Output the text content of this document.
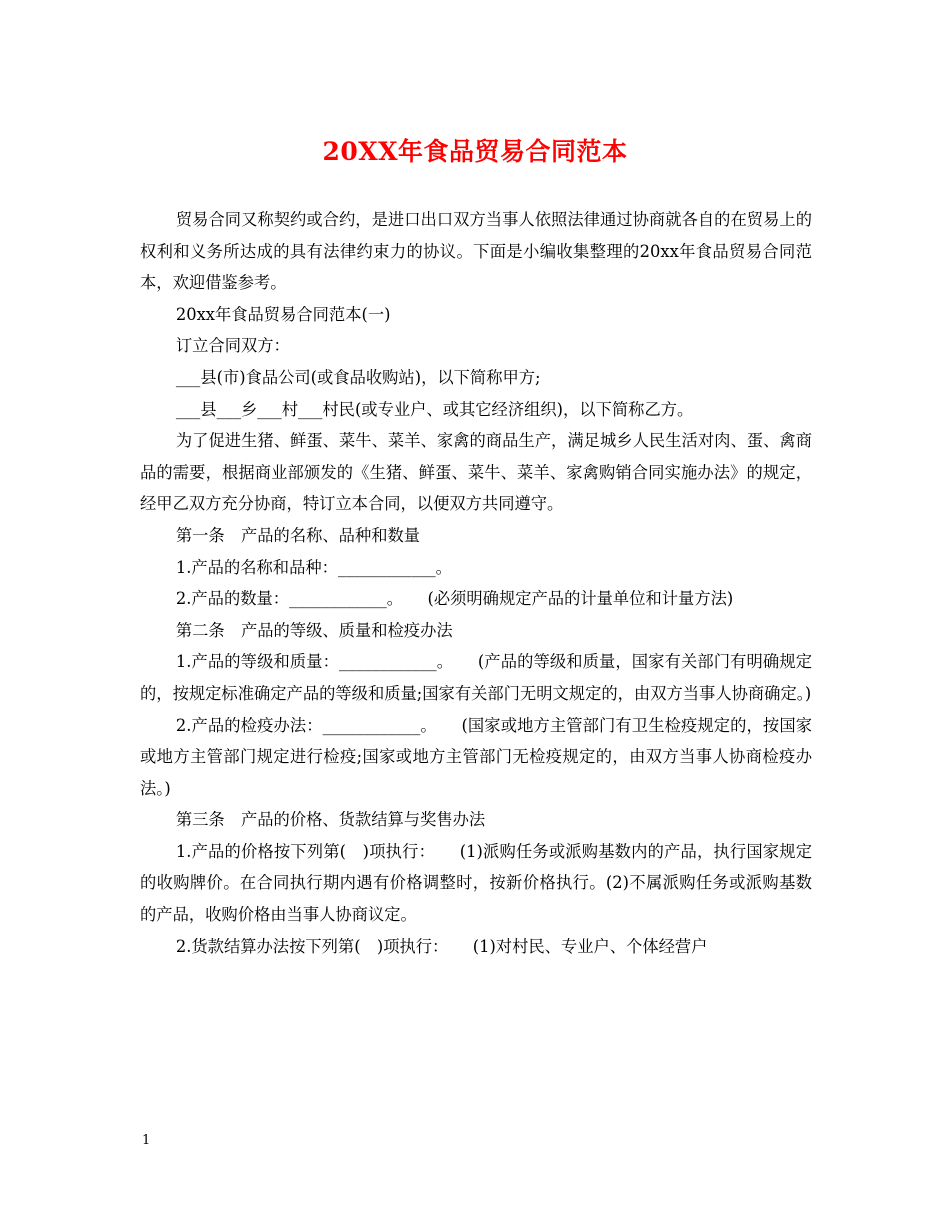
20XX年食品贸易合同范本

贸易合同又称契约或合约，是进口出口双方当事人依照法律通过协商就各自的在贸易上的权利和义务所达成的具有法律约束力的协议。下面是小编收集整理的20xx年食品贸易合同范本，欢迎借鉴参考。

20xx年食品贸易合同范本(一)

订立合同双方：

___县(市)食品公司(或食品收购站)，以下简称甲方;

___县___乡___村___村民(或专业户、或其它经济组织)，以下简称乙方。

为了促进生猪、鲜蛋、菜牛、菜羊、家禽的商品生产，满足城乡人民生活对肉、蛋、禽商品的需要，根据商业部颁发的《生猪、鲜蛋、菜牛、菜羊、家禽购销合同实施办法》的规定，经甲乙双方充分协商，特订立本合同，以便双方共同遵守。

第一条　产品的名称、品种和数量

1.产品的名称和品种：____________。

2.产品的数量：____________。　　(必须明确规定产品的计量单位和计量方法)

第二条　产品的等级、质量和检疫办法

1.产品的等级和质量：____________。　　(产品的等级和质量，国家有关部门有明确规定的，按规定标准确定产品的等级和质量;国家有关部门无明文规定的，由双方当事人协商确定。)

2.产品的检疫办法：____________。　　(国家或地方主管部门有卫生检疫规定的，按国家或地方主管部门规定进行检疫;国家或地方主管部门无检疫规定的，由双方当事人协商检疫办法。)

第三条　产品的价格、货款结算与奖售办法

1.产品的价格按下列第(　)项执行：　　(1)派购任务或派购基数内的产品，执行国家规定的收购牌价。在合同执行期内遇有价格调整时，按新价格执行。(2)不属派购任务或派购基数的产品，收购价格由当事人协商议定。

2.货款结算办法按下列第(　)项执行：　　(1)对村民、专业户、个体经营户

1
